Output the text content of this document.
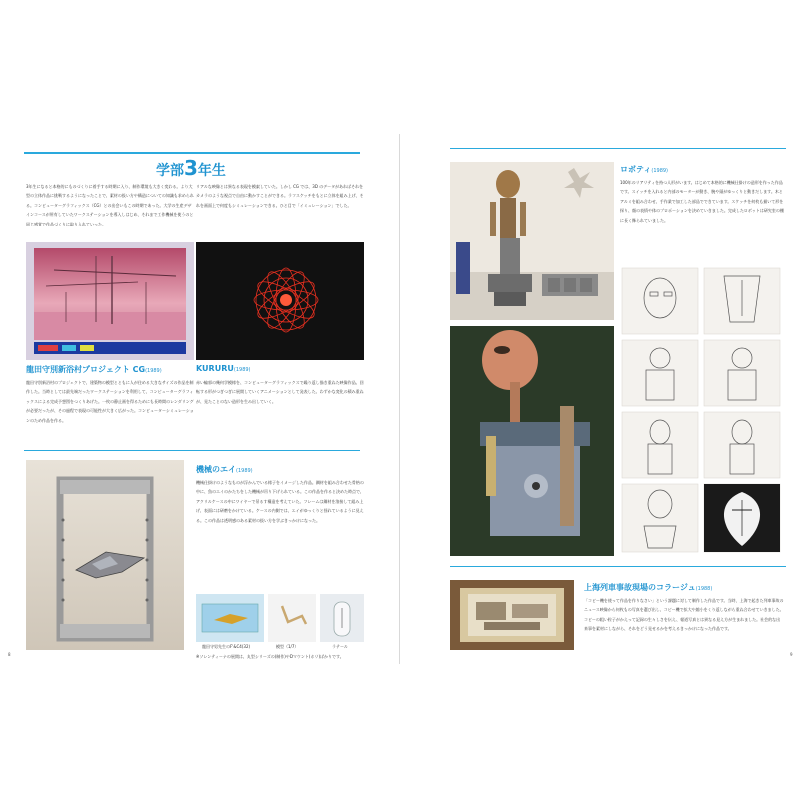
学部3年生
3年生になると本格的にものづくりに着手する時期に入り、制作環境も大きく変わる。より大型の立体作品に挑戦するようになったことで、素材の扱い方や構造についての知識も求められる。コンピューターグラフィックス（CG）との出会いもこの時期であった。大学の生産デザインコースが所有していたワークステーションを導入しはじめ、それまで工作機械を使うのと同じ感覚で作品づくりに取り入れていった。
リアルな映像とは異なる表現を模索していた。しかし CG では、3D のデータがあればそれをカメラのような視点で自由に動かすことができる。ラフスケッチをもとに立体を組み上げ、それを画面上で何度もシミュレーションできる。ひと目で「イミュレーション」でした。
龍田守別新浴村プロジェクト CG(1989)
龍田守別新浴村のプロジェクトで、建築物の模型とともに人が住める大きなサイズの作品を制作した。当時としては最先端だったワークステーションを利用して、コンピューターグラフィックスによる完成予想図をつくりあげた。一枚の静止画を得るためにも長時間のレンダリングが必要だったが、その過程で表現の可能性が大きく広がった。コンピューターシミュレーションのため作品を作る。
KURURU(1989)
赤い輪郭の幾何学模様を、コンピューターグラフィックスで繰り返し描き重ねた映像作品。回転する形がつぎつぎに展開していくアニメーションとして発表した。わずかな変化の積み重ねが、見たことのない造形を生み出していく。
機械のエイ(1989)
機械仕掛けのようなものが浮かんでいる様子をイメージした作品。鋼材を組み合わせた骨格の中に、魚のエイのかたちをした機械が吊り下げられている。この作品を作ると決めた時点で、アクリルケースの中にワイヤーで吊るす構造を考えていた。フレームは鋼材を溶接して組み上げ、表面には研磨をかけている。ケースの内側では、エイがゆっくりと揺れているように見える。この作品は透明感のある素材の扱い方を学ぶきっかけになった。
龍田守男先生のF'&C4(32)	模型（1/7）	ラテール
※ソレンティーナの展開は、丸型シリーズの(制作)やDマウント(ホリ)ばかりです。
8
ロボティ(1989)
100年のリアリティを持つ人形がいます。はじめて本格的に機械仕掛けの造形を作った作品です。スイッチを入れると内部のモーターが動き、腕や頭がゆっくりと動きだします。木とアルミを組み合わせ、手作業で加工した部品でできています。スケッチを何枚も描いて形を探り、顔の表情や体のプロポーションを決めていきました。完成したロボットは研究室の棚に長く飾られていました。
上海列車事故現場のコラージュ(1988)
「コピー機を使って作品を作りなさい」という課題に対して制作した作品です。当時、上海で起きた列車事故のニュース映像から何枚もの写真を選び出し、コピー機で拡大や縮小をくり返しながら重ね合わせていきました。コピーの粗い粒子がかえって記録の生々しさを伝え、報道写真とは異なる見え方が生まれました。社会的な出来事を素材にしながら、それをどう見せるかを考えるきっかけになった作品です。
9
